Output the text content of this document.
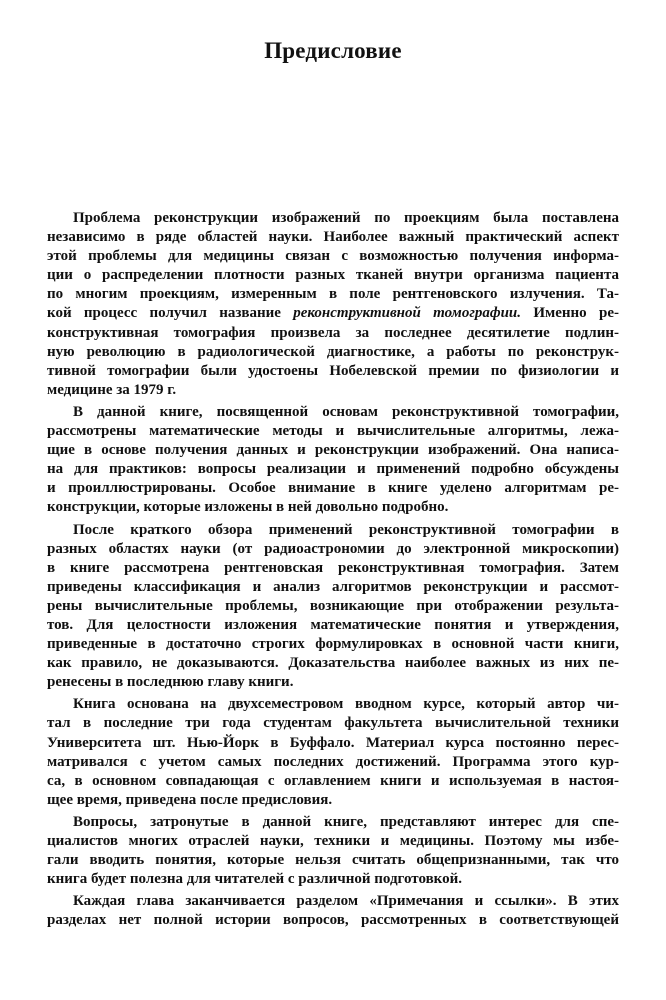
Предисловие
Проблема реконструкции изображений по проекциям была поставлена
независимо в ряде областей науки. Наиболее важный практический аспект
этой проблемы для медицины связан с возможностью получения информа-
ции о распределении плотности разных тканей внутри организма пациента
по многим проекциям, измеренным в поле рентгеновского излучения. Та-
кой процесс получил название реконструктивной томографии. Именно ре-
конструктивная томография произвела за последнее десятилетие подлин-
ную революцию в радиологической диагностике, а работы по реконструк-
тивной томографии были удостоены Нобелевской премии по физиологии и
медицине за 1979 г.
В данной книге, посвященной основам реконструктивной томографии,
рассмотрены математические методы и вычислительные алгоритмы, лежа-
щие в основе получения данных и реконструкции изображений. Она написа-
на для практиков: вопросы реализации и применений подробно обсуждены
и проиллюстрированы. Особое внимание в книге уделено алгоритмам ре-
конструкции, которые изложены в ней довольно подробно.
После краткого обзора применений реконструктивной томографии в
разных областях науки (от радиоастрономии до электронной микроскопии)
в книге рассмотрена рентгеновская реконструктивная томография. Затем
приведены классификация и анализ алгоритмов реконструкции и рассмот-
рены вычислительные проблемы, возникающие при отображении результа-
тов. Для целостности изложения математические понятия и утверждения,
приведенные в достаточно строгих формулировках в основной части книги,
как правило, не доказываются. Доказательства наиболее важных из них пе-
ренесены в последнюю главу книги.
Книга основана на двухсеместровом вводном курсе, который автор чи-
тал в последние три года студентам факультета вычислительной техники
Университета шт. Нью-Йорк в Буффало. Материал курса постоянно перес-
матривался с учетом самых последних достижений. Программа этого кур-
са, в основном совпадающая с оглавлением книги и используемая в настоя-
щее время, приведена после предисловия.
Вопросы, затронутые в данной книге, представляют интерес для спе-
циалистов многих отраслей науки, техники и медицины. Поэтому мы избе-
гали вводить понятия, которые нельзя считать общепризнанными, так что
книга будет полезна для читателей с различной подготовкой.
Каждая глава заканчивается разделом «Примечания и ссылки». В этих
разделах нет полной истории вопросов, рассмотренных в соответствующей
